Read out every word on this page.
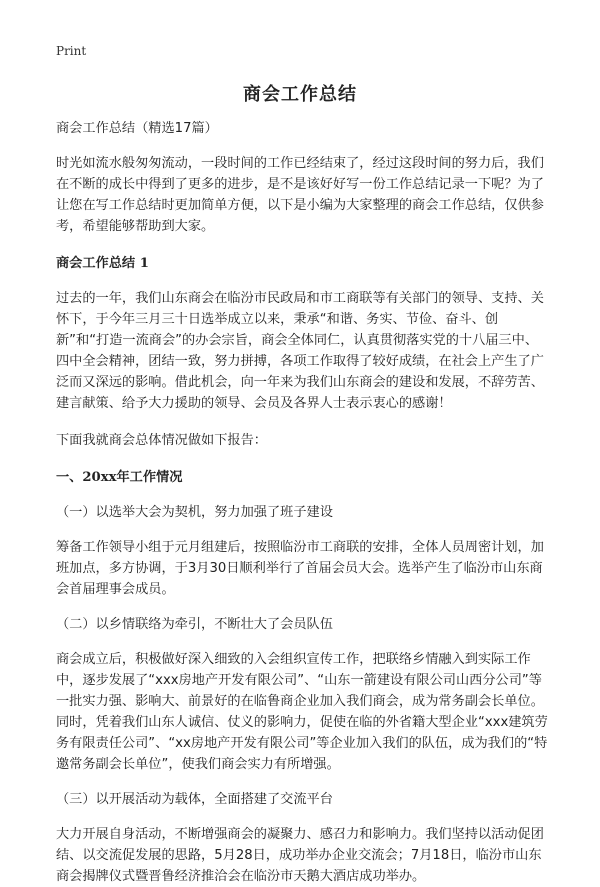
Print
商会工作总结

商会工作总结（精选17篇）

时光如流水般匆匆流动，一段时间的工作已经结束了，经过这段时间的努力后，我们在不断的成长中得到了更多的进步，是不是该好好写一份工作总结记录一下呢？为了让您在写工作总结时更加简单方便，以下是小编为大家整理的商会工作总结，仅供参考，希望能够帮助到大家。

商会工作总结 1

过去的一年，我们山东商会在临汾市民政局和市工商联等有关部门的领导、支持、关怀下，于今年三月三十日选举成立以来，秉承“和谐、务实、节俭、奋斗、创新”和“打造一流商会”的办会宗旨，商会全体同仁，认真贯彻落实党的十八届三中、四中全会精神，团结一致，努力拼搏，各项工作取得了较好成绩，在社会上产生了广泛而又深远的影响。借此机会，向一年来为我们山东商会的建设和发展，不辞劳苦、建言献策、给予大力援助的领导、会员及各界人士表示衷心的感谢！

下面我就商会总体情况做如下报告：

一、20xx年工作情况

（一）以选举大会为契机，努力加强了班子建设

筹备工作领导小组于元月组建后，按照临汾市工商联的安排，全体人员周密计划，加班加点，多方协调，于3月30日顺利举行了首届会员大会。选举产生了临汾市山东商会首届理事会成员。

（二）以乡情联络为牵引，不断壮大了会员队伍

商会成立后，积极做好深入细致的入会组织宣传工作，把联络乡情融入到实际工作中，逐步发展了“xxx房地产开发有限公司”、“山东一箭建设有限公司山西分公司”等一批实力强、影响大、前景好的在临鲁商企业加入我们商会，成为常务副会长单位。同时，凭着我们山东人诚信、仗义的影响力，促使在临的外省籍大型企业“xxx建筑劳务有限责任公司”、“xx房地产开发有限公司”等企业加入我们的队伍，成为我们的“特邀常务副会长单位”，使我们商会实力有所增强。

（三）以开展活动为载体，全面搭建了交流平台

大力开展自身活动，不断增强商会的凝聚力、感召力和影响力。我们坚持以活动促团结、以交流促发展的思路，5月28日，成功举办企业交流会；7月18日，临汾市山东商会揭牌仪式暨晋鲁经济推洽会在临汾市天鹅大酒店成功举办。
